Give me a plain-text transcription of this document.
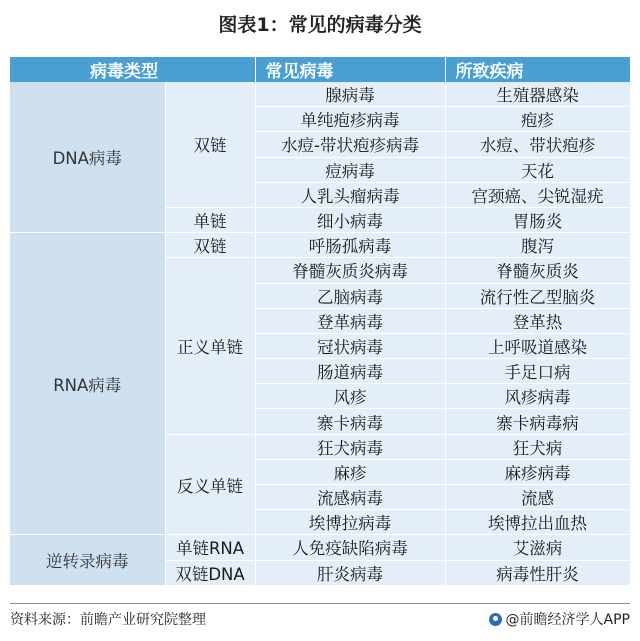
图表1：常见的病毒分类
病毒类型		常见病毒	所致疾病
DNA病毒	双链	腺病毒	生殖器感染
		单纯疱疹病毒	疱疹
		水痘-带状疱疹病毒	水痘、带状疱疹
		痘病毒	天花
		人乳头瘤病毒	宫颈癌、尖锐湿疣
	单链	细小病毒	胃肠炎
RNA病毒	双链	呼肠孤病毒	腹泻
	正义单链	脊髓灰质炎病毒	脊髓灰质炎
		乙脑病毒	流行性乙型脑炎
		登革病毒	登革热
		冠状病毒	上呼吸道感染
		肠道病毒	手足口病
		风疹	风疹病毒
		寨卡病毒	寨卡病毒病
	反义单链	狂犬病毒	狂犬病
		麻疹	麻疹病毒
		流感病毒	流感
		埃博拉病毒	埃博拉出血热
逆转录病毒	单链RNA	人免疫缺陷病毒	艾滋病
	双链DNA	肝炎病毒	病毒性肝炎
资料来源：前瞻产业研究院整理	@前瞻经济学人APP
